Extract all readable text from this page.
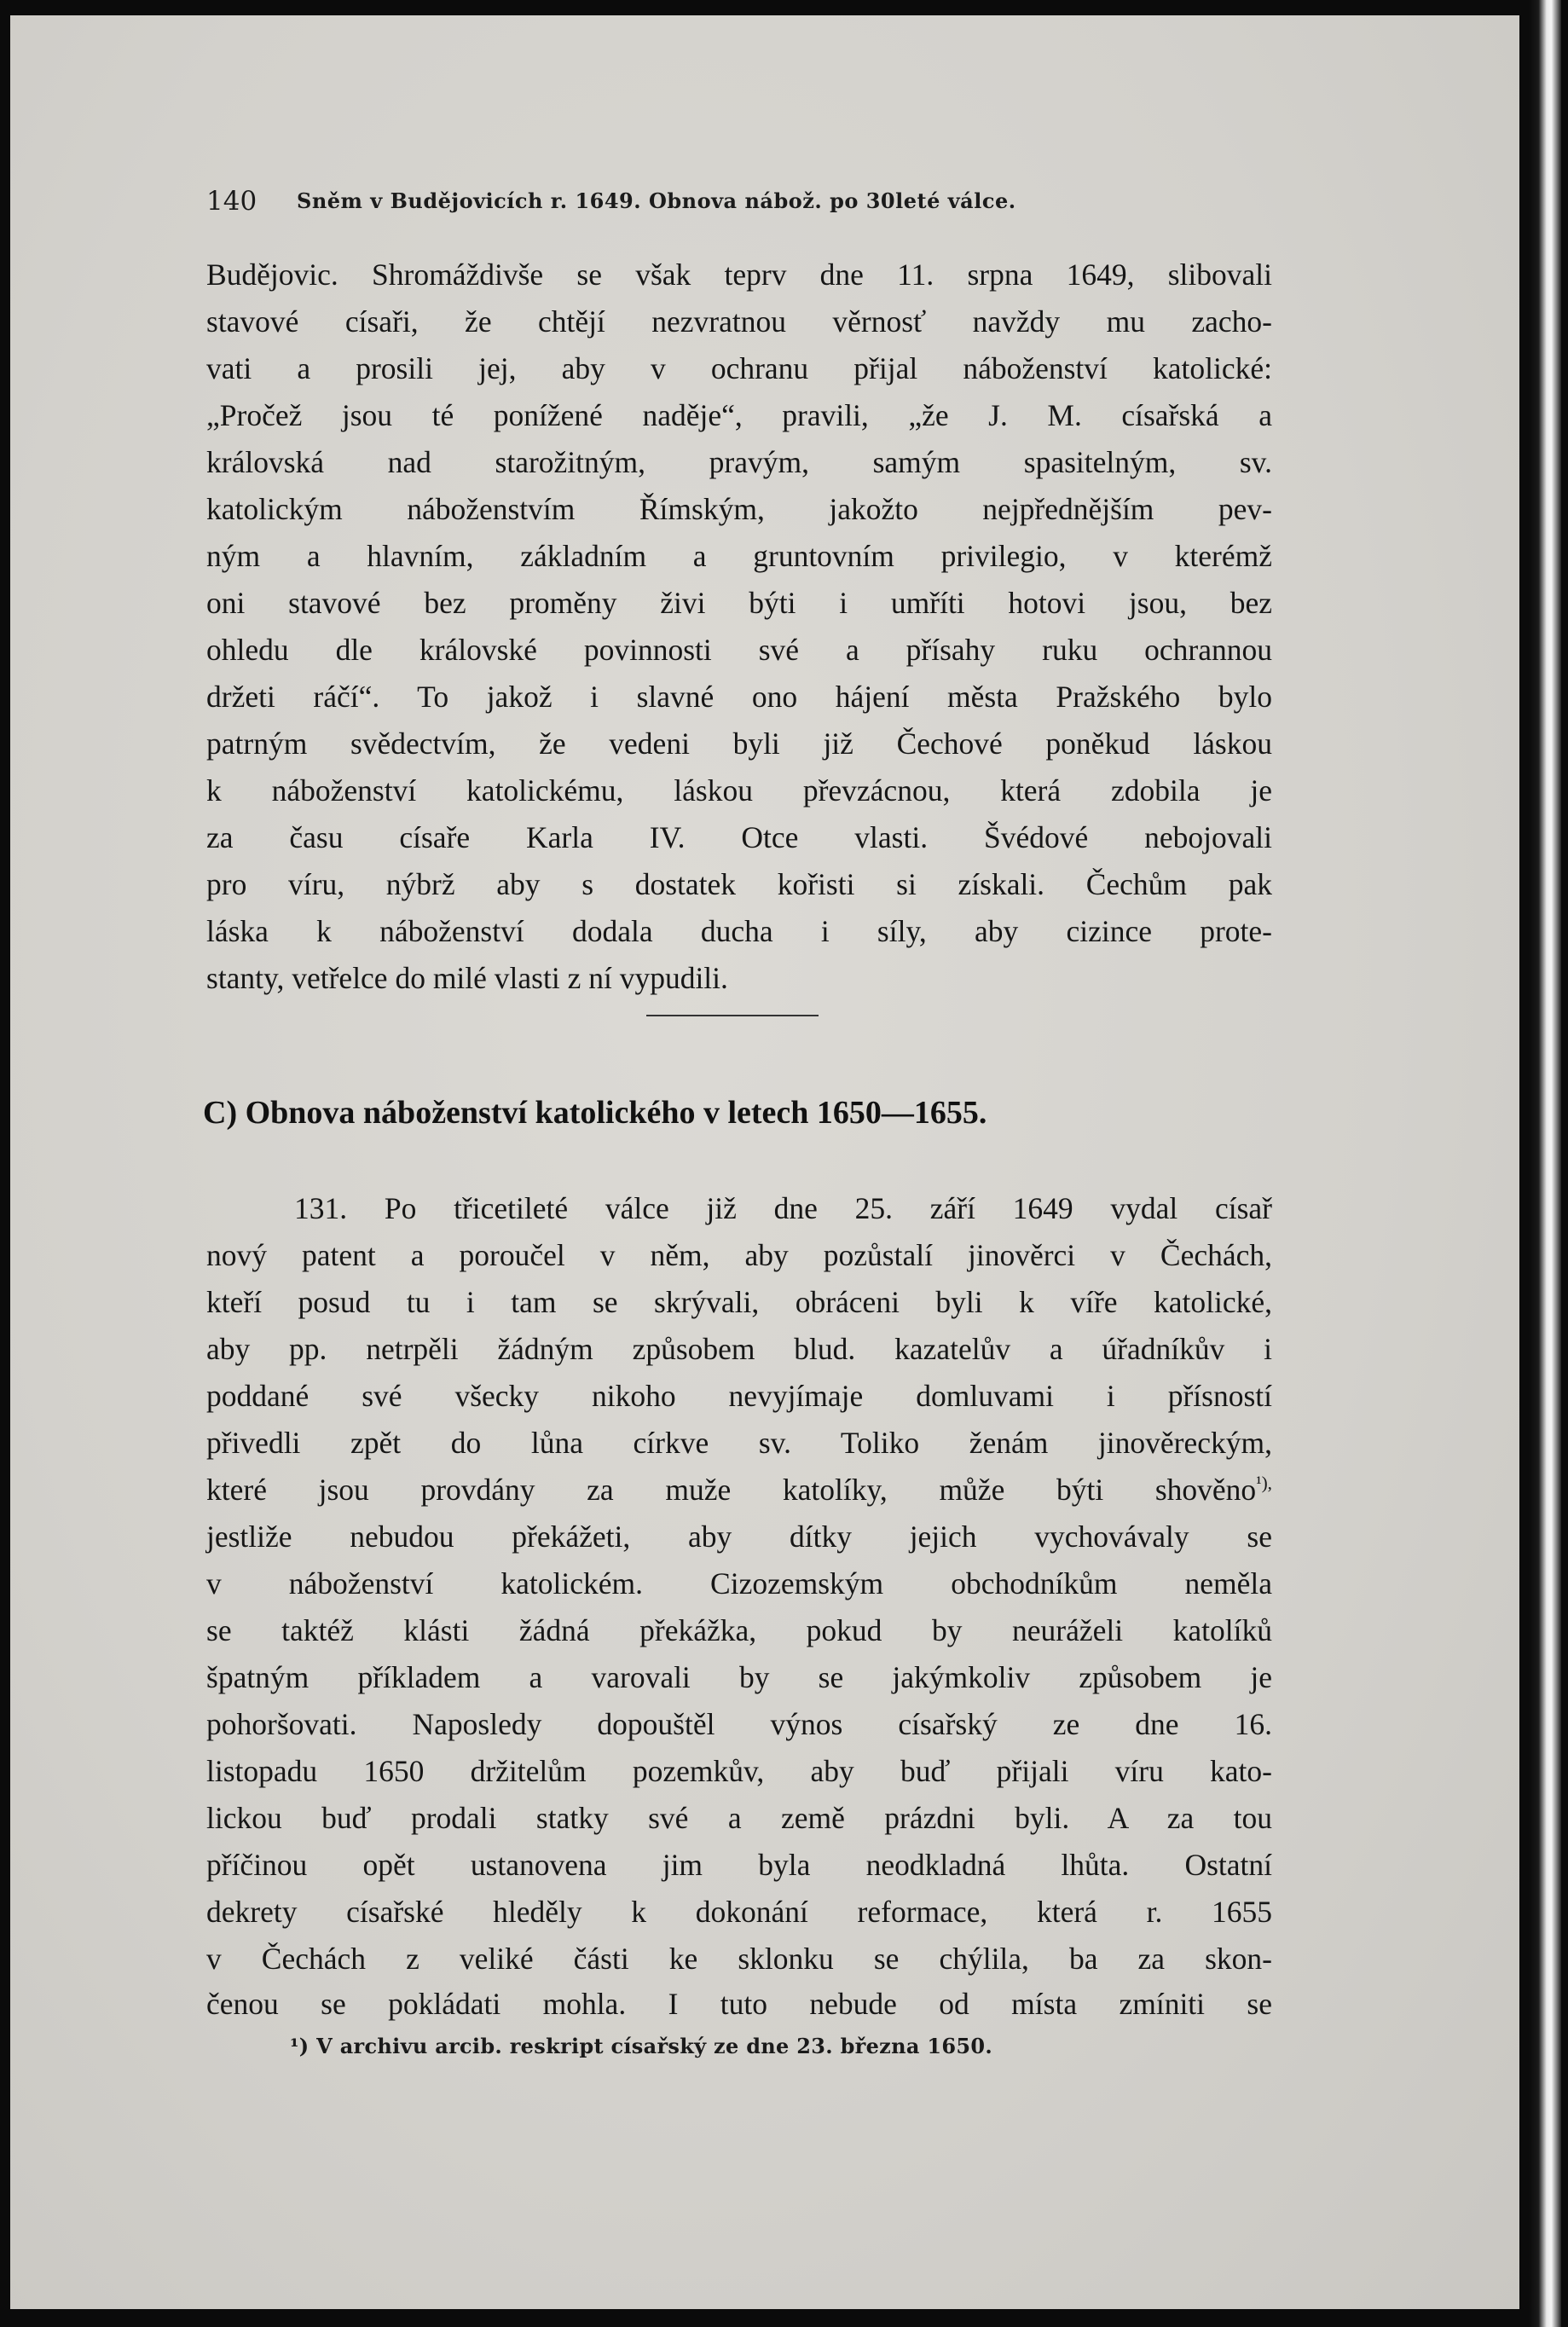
140 Sněm v Budějovicích r. 1649. Obnova nábož. po 30leté válce.
Budějovic. Shromáždivše se však teprv dne 11. srpna 1649, slibovali
stavové císaři, že chtějí nezvratnou věrnosť navždy mu zacho-
vati a prosili jej, aby v ochranu přijal náboženství katolické:
„Pročež jsou té ponížené naděje“, pravili, „že J. M. císařská a
královská nad starožitným, pravým, samým spasitelným, sv.
katolickým náboženstvím Římským, jakožto nejpřednějším pev-
ným a hlavním, základním a gruntovním privilegio, v kterémž
oni stavové bez proměny živi býti i umříti hotovi jsou, bez
ohledu dle královské povinnosti své a přísahy ruku ochrannou
držeti ráčí“. To jakož i slavné ono hájení města Pražského bylo
patrným svědectvím, že vedeni byli již Čechové poněkud láskou
k náboženství katolickému, láskou převzácnou, která zdobila je
za času císaře Karla IV. Otce vlasti. Švédové nebojovali
pro víru, nýbrž aby s dostatek kořisti si získali. Čechům pak
láska k náboženství dodala ducha i síly, aby cizince prote-
stanty, vetřelce do milé vlasti z ní vypudili.
C) Obnova náboženství katolického v letech 1650—1655.
131. Po třicetileté válce již dne 25. září 1649 vydal císař
nový patent a poroučel v něm, aby pozůstalí jinověrci v Čechách,
kteří posud tu i tam se skrývali, obráceni byli k víře katolické,
aby pp. netrpěli žádným způsobem blud. kazatelův a úřadníkův i
poddané své všecky nikoho nevyjímaje domluvami i přísností
přivedli zpět do lůna církve sv. Toliko ženám jinověreckým,
které jsou provdány za muže katolíky, může býti shověno$^{^1),}$
jestliže nebudou překážeti, aby dítky jejich vychovávaly se
v náboženství katolickém. Cizozemským obchodníkům neměla
se taktéž klásti žádná překážka, pokud by neuráželi katolíků
špatným příkladem a varovali by se jakýmkoliv způsobem je
pohoršovati. Naposledy dopouštěl výnos císařský ze dne 16.
listopadu 1650 držitelům pozemkův, aby buď přijali víru kato-
lickou buď prodali statky své a země prázdni byli. A za tou
příčinou opět ustanovena jim byla neodkladná lhůta. Ostatní
dekrety císařské hleděly k dokonání reformace, která r. 1655
v Čechách z veliké části ke sklonku se chýlila, ba za skon-
čenou se pokládati mohla. I tuto nebude od místa zmíniti se
¹) V archivu arcib. reskript císařský ze dne 23. března 1650.
